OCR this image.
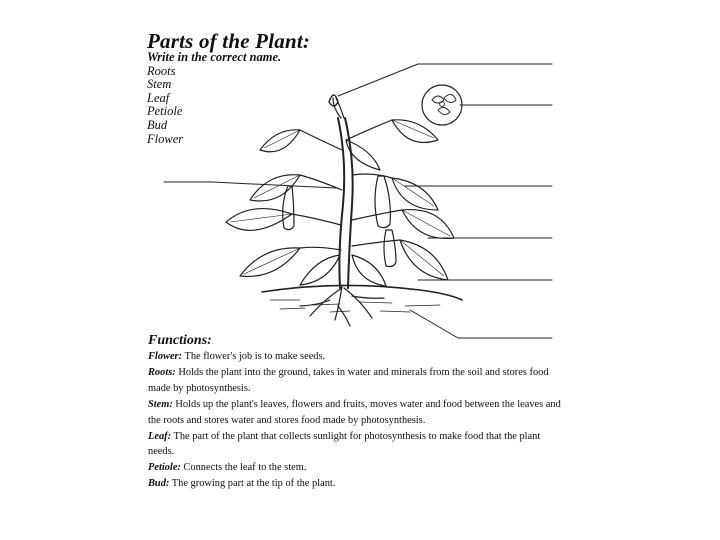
Parts of the Plant:
Write in the correct name.
Roots
Stem
Leaf
Petiole
Bud
Flower
Functions:

Flower: The flower's job is to make seeds.

Roots: Holds the plant into the ground, takes in water and minerals from the soil and stores food made by photosynthesis.

Stem: Holds up the plant's leaves, flowers and fruits, moves water and food between the leaves and the roots and stores water and stores food made by photosynthesis.

Leaf: The part of the plant that collects sunlight for photosynthesis to make food that the plant needs.

Petiole: Connects the leaf to the stem.

Bud: The growing part at the tip of the plant.
